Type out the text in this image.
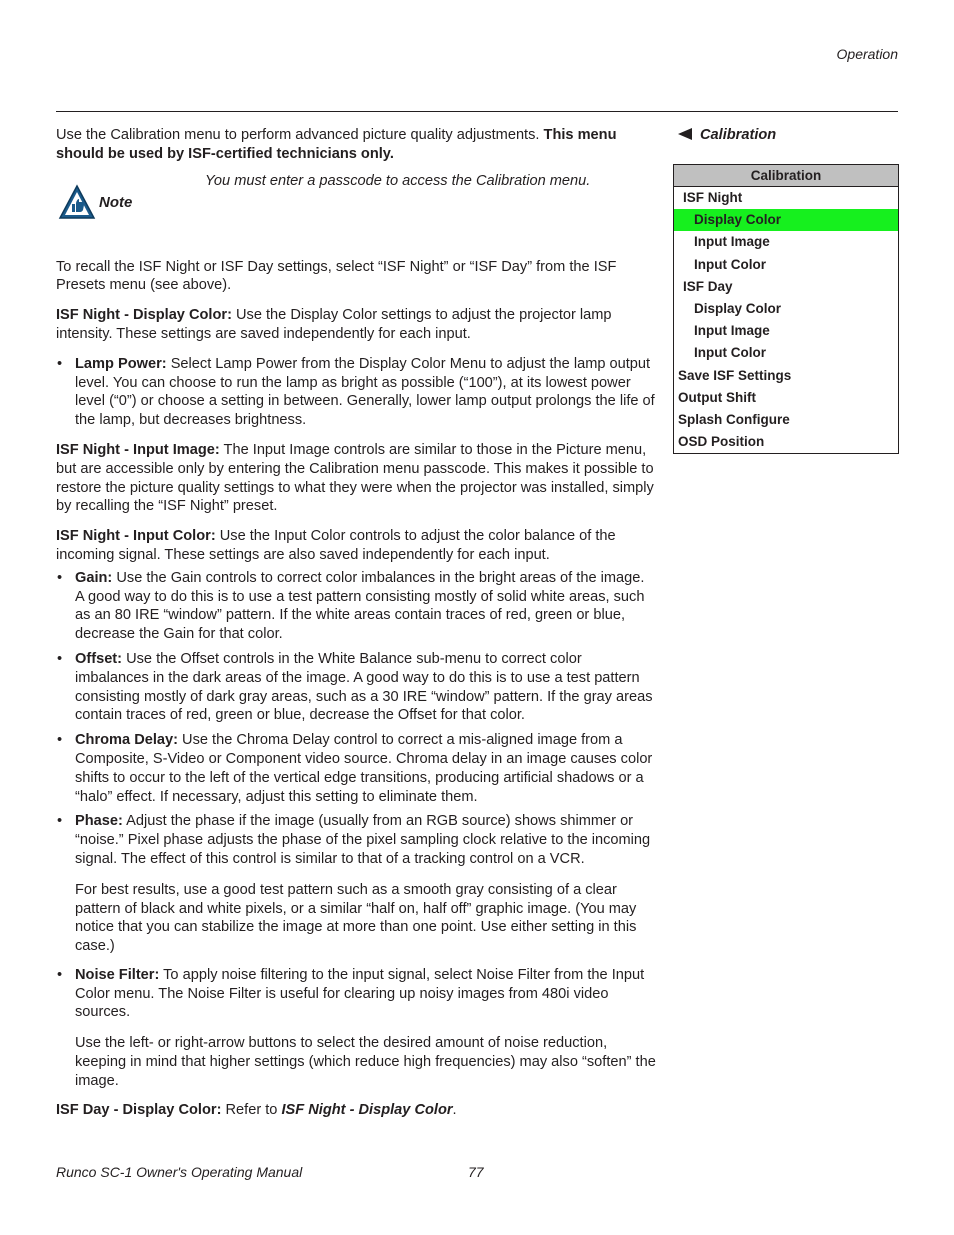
Operation

Use the Calibration menu to perform advanced picture quality adjustments. This menu should be used by ISF-certified technicians only.

Note
You must enter a passcode to access the Calibration menu.

To recall the ISF Night or ISF Day settings, select “ISF Night” or “ISF Day” from the ISF Presets menu (see above).

ISF Night - Display Color: Use the Display Color settings to adjust the projector lamp intensity. These settings are saved independently for each input.

• Lamp Power: Select Lamp Power from the Display Color Menu to adjust the lamp output level. You can choose to run the lamp as bright as possible (“100”), at its lowest power level (“0”) or choose a setting in between. Generally, lower lamp output prolongs the life of the lamp, but decreases brightness.

ISF Night - Input Image: The Input Image controls are similar to those in the Picture menu, but are accessible only by entering the Calibration menu passcode. This makes it possible to restore the picture quality settings to what they were when the projector was installed, simply by recalling the “ISF Night” preset.

ISF Night - Input Color: Use the Input Color controls to adjust the color balance of the incoming signal. These settings are also saved independently for each input.

• Gain: Use the Gain controls to correct color imbalances in the bright areas of the image. A good way to do this is to use a test pattern consisting mostly of solid white areas, such as an 80 IRE “window” pattern. If the white areas contain traces of red, green or blue, decrease the Gain for that color.
• Offset: Use the Offset controls in the White Balance sub-menu to correct color imbalances in the dark areas of the image. A good way to do this is to use a test pattern consisting mostly of dark gray areas, such as a 30 IRE “window” pattern. If the gray areas contain traces of red, green or blue, decrease the Offset for that color.
• Chroma Delay: Use the Chroma Delay control to correct a mis-aligned image from a Composite, S-Video or Component video source. Chroma delay in an image causes color shifts to occur to the left of the vertical edge transitions, producing artificial shadows or a “halo” effect. If necessary, adjust this setting to eliminate them.
• Phase: Adjust the phase if the image (usually from an RGB source) shows shimmer or “noise.” Pixel phase adjusts the phase of the pixel sampling clock relative to the incoming signal. The effect of this control is similar to that of a tracking control on a VCR.

For best results, use a good test pattern such as a smooth gray consisting of a clear pattern of black and white pixels, or a similar “half on, half off” graphic image. (You may notice that you can stabilize the image at more than one point. Use either setting in this case.)

• Noise Filter: To apply noise filtering to the input signal, select Noise Filter from the Input Color menu. The Noise Filter is useful for clearing up noisy images from 480i video sources.

Use the left- or right-arrow buttons to select the desired amount of noise reduction, keeping in mind that higher settings (which reduce high frequencies) may also “soften” the image.

ISF Day - Display Color: Refer to ISF Night - Display Color.

Calibration
Calibration
ISF Night
Display Color
Input Image
Input Color
ISF Day
Display Color
Input Image
Input Color
Save ISF Settings
Output Shift
Splash Configure
OSD Position
Runco SC-1 Owner's Operating Manual	77
